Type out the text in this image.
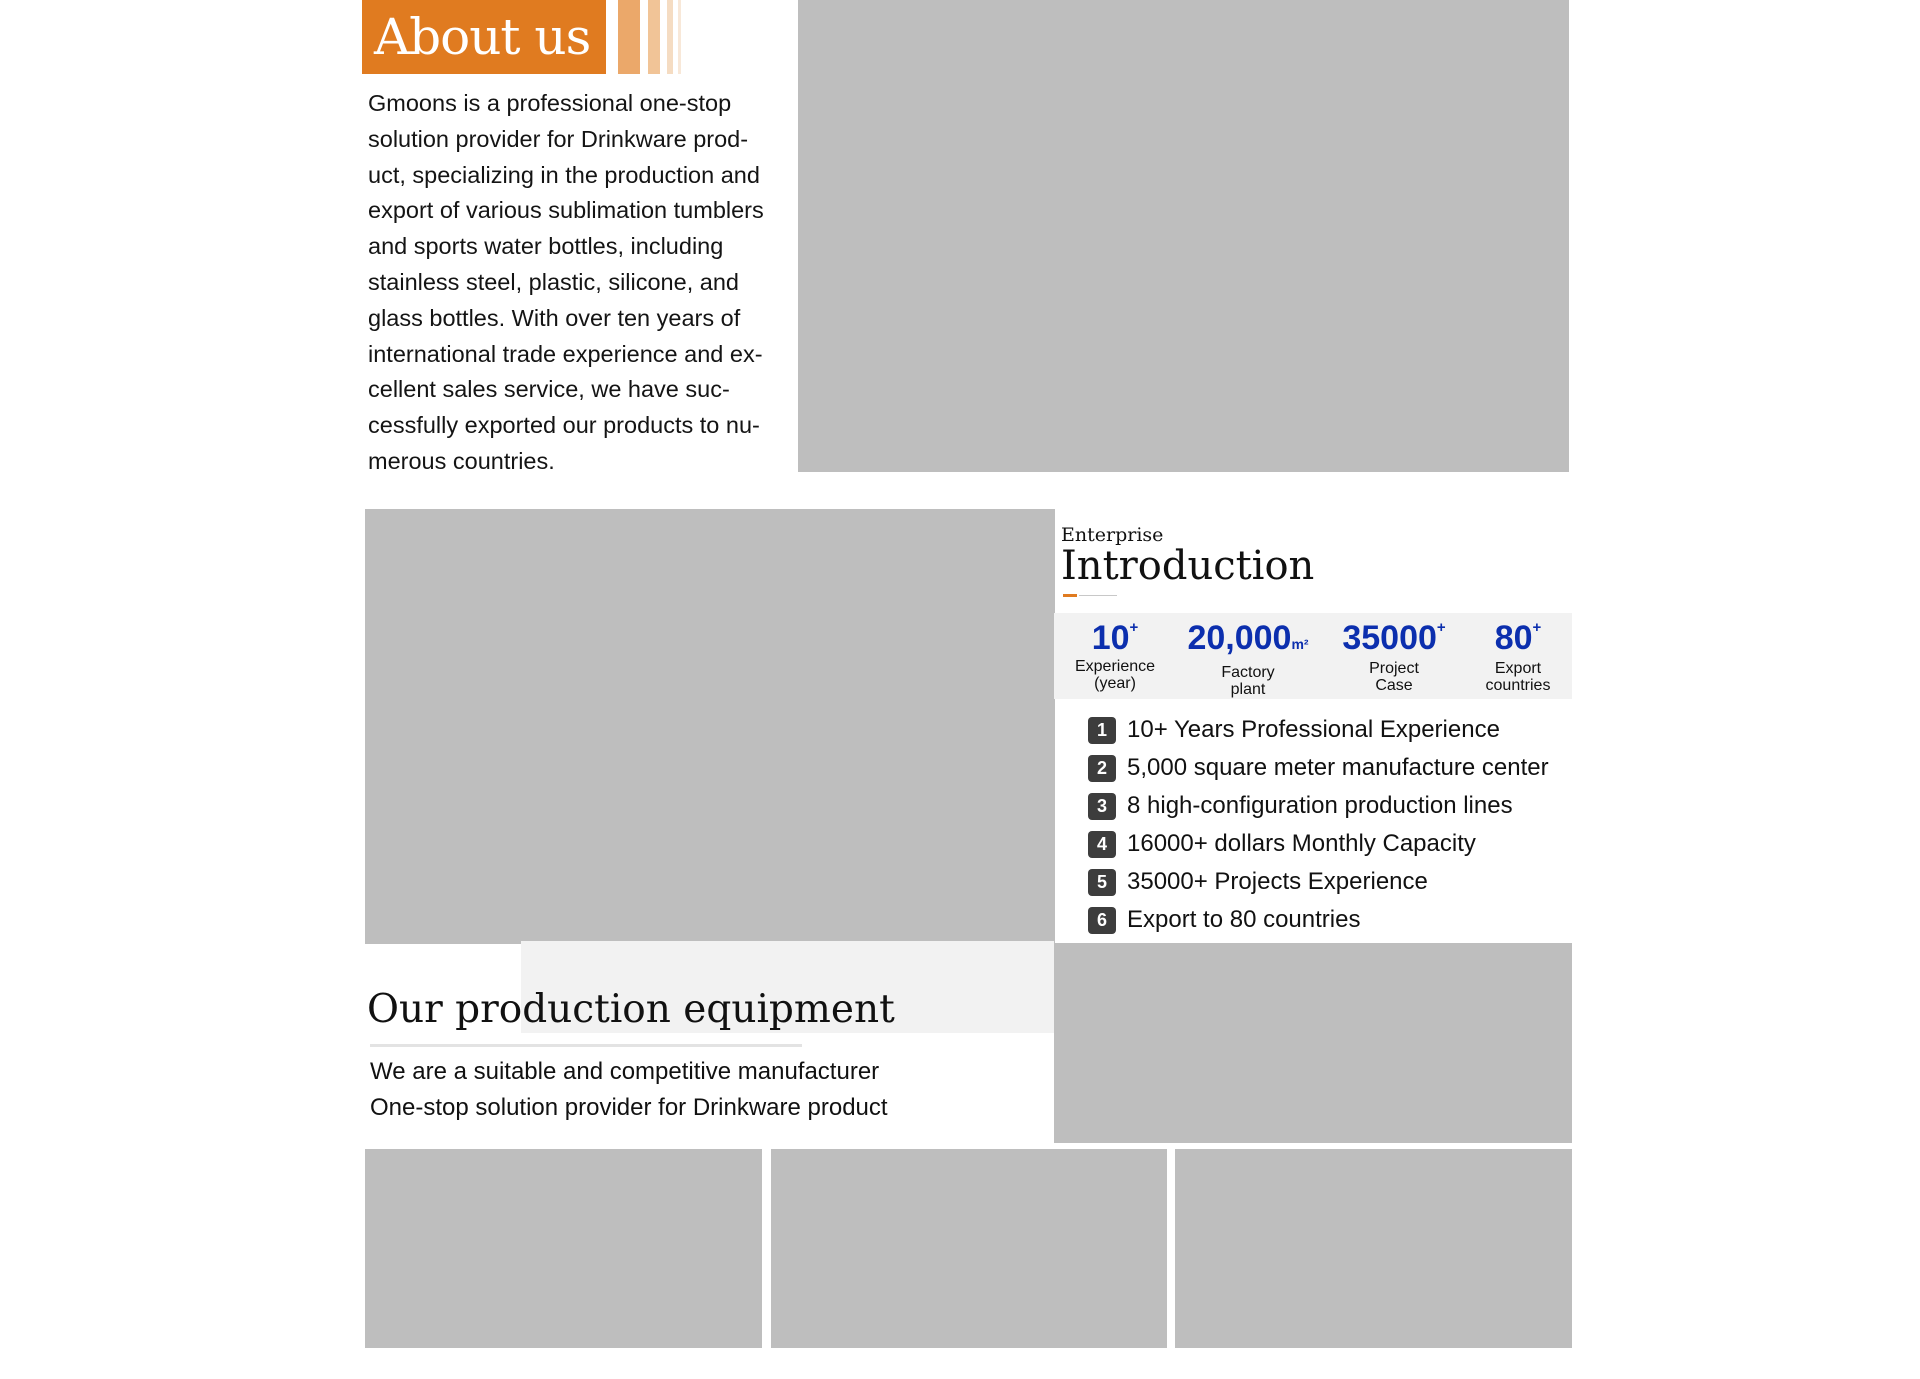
About us

Gmoons is a professional one-stop
solution provider for Drinkware prod-
uct, specializing in the production and
export of various sublimation tumblers
and sports water bottles, including
stainless steel, plastic, silicone, and
glass bottles. With over ten years of
international trade experience and ex-
cellent sales service, we have suc-
cessfully exported our products to nu-
merous countries.

Enterprise
Introduction
10+
Experience
(year)
20,000m²
Factory
plant
35000+
Project
Case
80+
Export
countries
1 10+ Years Professional Experience
2 5,000 square meter manufacture center
3 8 high-configuration production lines
4 16000+ dollars Monthly Capacity
5 35000+ Projects Experience
6 Export to 80 countries
Our production equipment
We are a suitable and competitive manufacturer
One-stop solution provider for Drinkware product
